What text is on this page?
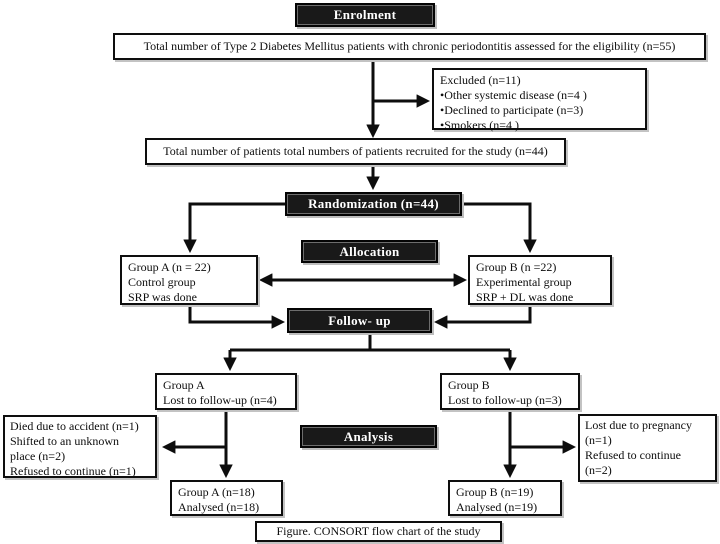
Enrolment
Total number of Type 2 Diabetes Mellitus patients with chronic periodontitis assessed for the eligibility (n=55)
Excluded (n=11)
•Other systemic disease (n=4 )
•Declined to participate (n=3)
•Smokers (n=4 )
Total number of patients total numbers of patients recruited for the study (n=44)
Randomization (n=44)
Allocation
Group A (n = 22)
Control group
SRP was done
Group B (n =22)
Experimental group
SRP + DL was done
Follow- up
Group A
Lost to follow-up (n=4)
Group B
Lost to follow-up (n=3)
Died due to accident (n=1)
Shifted to an unknown
place (n=2)
Refused to continue (n=1)
Analysis
Lost due to pregnancy
(n=1)
Refused to continue
(n=2)
Group A (n=18)
Analysed (n=18)
Group B (n=19)
Analysed (n=19)
Figure. CONSORT flow chart of the study
